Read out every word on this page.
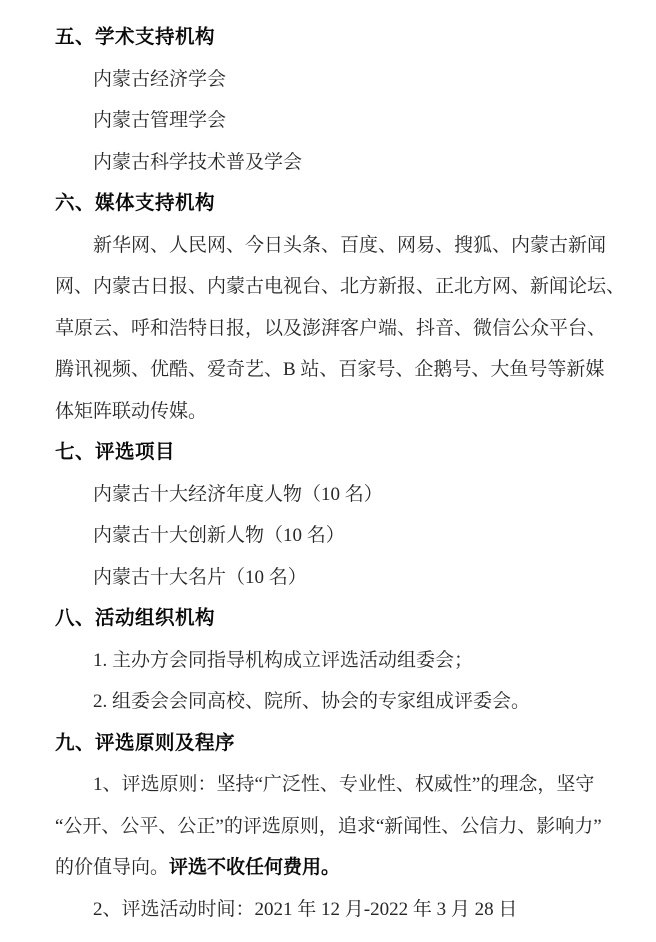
五、学术支持机构
内蒙古经济学会
内蒙古管理学会
内蒙古科学技术普及学会
六、媒体支持机构
新华网、人民网、今日头条、百度、网易、搜狐、内蒙古新闻
网、内蒙古日报、内蒙古电视台、北方新报、正北方网、新闻论坛、
草原云、呼和浩特日报，以及澎湃客户端、抖音、微信公众平台、
腾讯视频、优酷、爱奇艺、B 站、百家号、企鹅号、大鱼号等新媒
体矩阵联动传媒。
七、评选项目
内蒙古十大经济年度人物（10 名）
内蒙古十大创新人物（10 名）
内蒙古十大名片（10 名）
八、活动组织机构
1. 主办方会同指导机构成立评选活动组委会；
2. 组委会会同高校、院所、协会的专家组成评委会。
九、评选原则及程序
1、评选原则：坚持“广泛性、专业性、权威性”的理念，坚守
“公开、公平、公正”的评选原则，追求“新闻性、公信力、影响力”
的价值导向。评选不收任何费用。
2、评选活动时间：2021 年 12 月-2022 年 3 月 28 日
